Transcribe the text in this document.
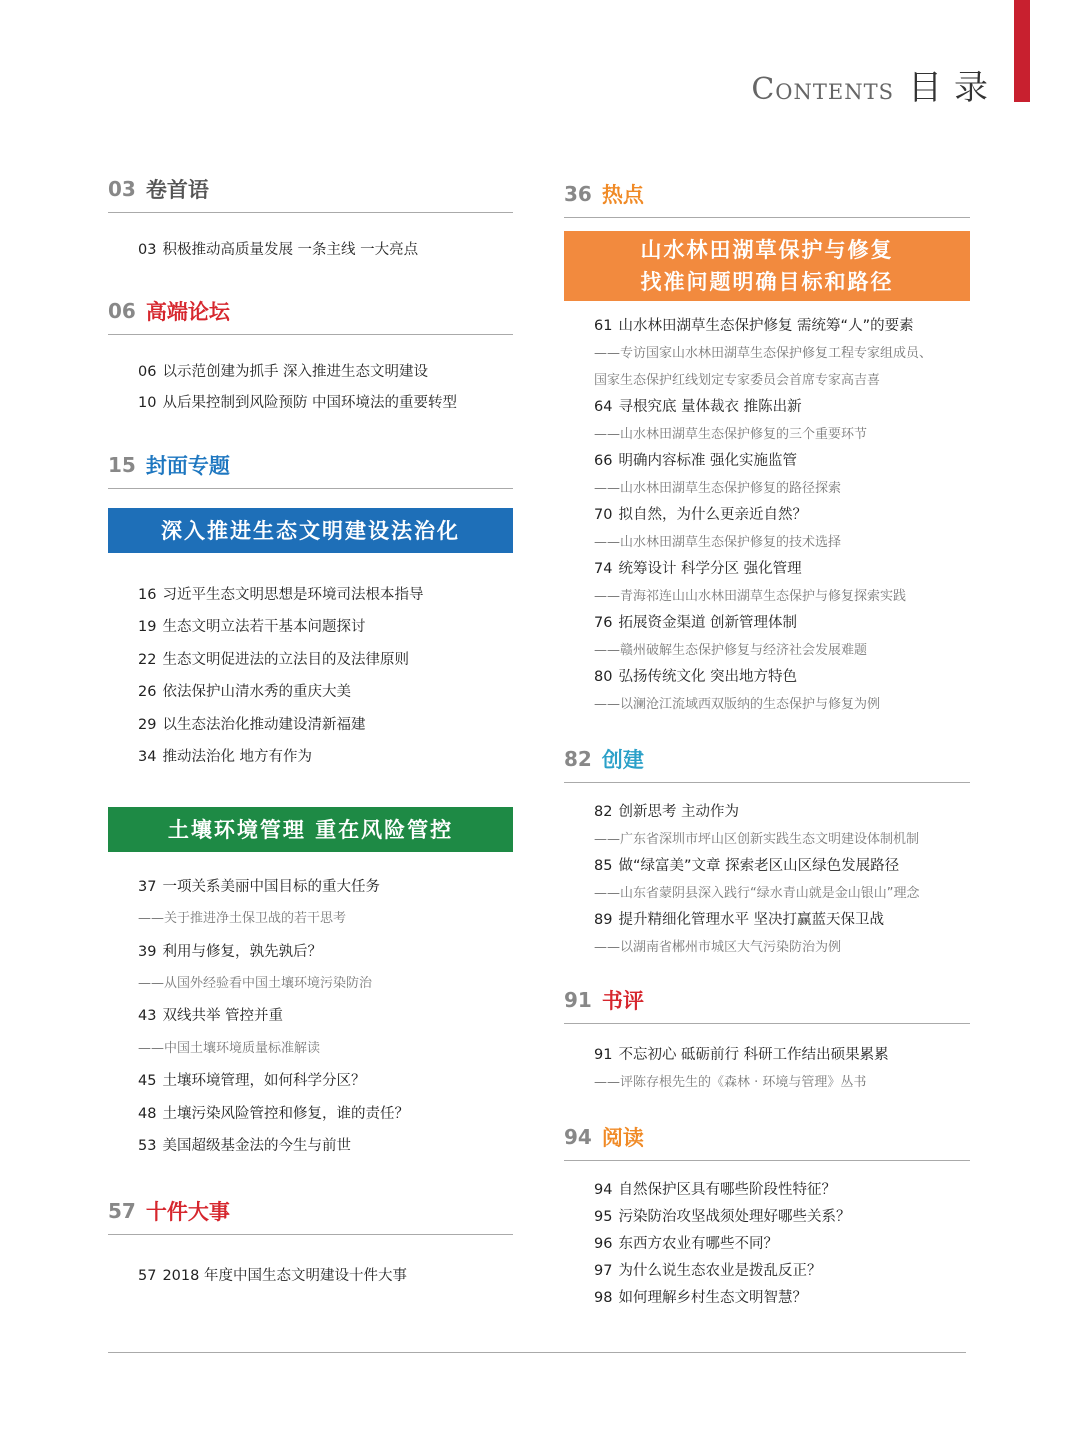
Contents 目录
03 卷首语
03 积极推动高质量发展 一条主线 一大亮点
06 高端论坛
06 以示范创建为抓手 深入推进生态文明建设
10 从后果控制到风险预防 中国环境法的重要转型
15 封面专题
深入推进生态文明建设法治化
16 习近平生态文明思想是环境司法根本指导
19 生态文明立法若干基本问题探讨
22 生态文明促进法的立法目的及法律原则
26 依法保护山清水秀的重庆大美
29 以生态法治化推动建设清新福建
34 推动法治化 地方有作为
土壤环境管理 重在风险管控
37 一项关系美丽中国目标的重大任务
——关于推进净土保卫战的若干思考
39 利用与修复，孰先孰后？
——从国外经验看中国土壤环境污染防治
43 双线共举 管控并重
——中国土壤环境质量标准解读
45 土壤环境管理，如何科学分区？
48 土壤污染风险管控和修复，谁的责任？
53 美国超级基金法的今生与前世
57 十件大事
57 2018 年度中国生态文明建设十件大事
36 热点
山水林田湖草保护与修复
找准问题明确目标和路径
61 山水林田湖草生态保护修复 需统筹“人”的要素
——专访国家山水林田湖草生态保护修复工程专家组成员、
国家生态保护红线划定专家委员会首席专家高吉喜
64 寻根究底 量体裁衣 推陈出新
——山水林田湖草生态保护修复的三个重要环节
66 明确内容标准 强化实施监管
——山水林田湖草生态保护修复的路径探索
70 拟自然，为什么更亲近自然？
——山水林田湖草生态保护修复的技术选择
74 统筹设计 科学分区 强化管理
——青海祁连山山水林田湖草生态保护与修复探索实践
76 拓展资金渠道 创新管理体制
——赣州破解生态保护修复与经济社会发展难题
80 弘扬传统文化 突出地方特色
——以澜沧江流域西双版纳的生态保护与修复为例
82 创建
82 创新思考 主动作为
——广东省深圳市坪山区创新实践生态文明建设体制机制
85 做“绿富美”文章 探索老区山区绿色发展路径
——山东省蒙阴县深入践行“绿水青山就是金山银山”理念
89 提升精细化管理水平 坚决打赢蓝天保卫战
——以湖南省郴州市城区大气污染防治为例
91 书评
91 不忘初心 砥砺前行 科研工作结出硕果累累
——评陈存根先生的《森林 · 环境与管理》丛书
94 阅读
94 自然保护区具有哪些阶段性特征？
95 污染防治攻坚战须处理好哪些关系？
96 东西方农业有哪些不同？
97 为什么说生态农业是拨乱反正？
98 如何理解乡村生态文明智慧？
